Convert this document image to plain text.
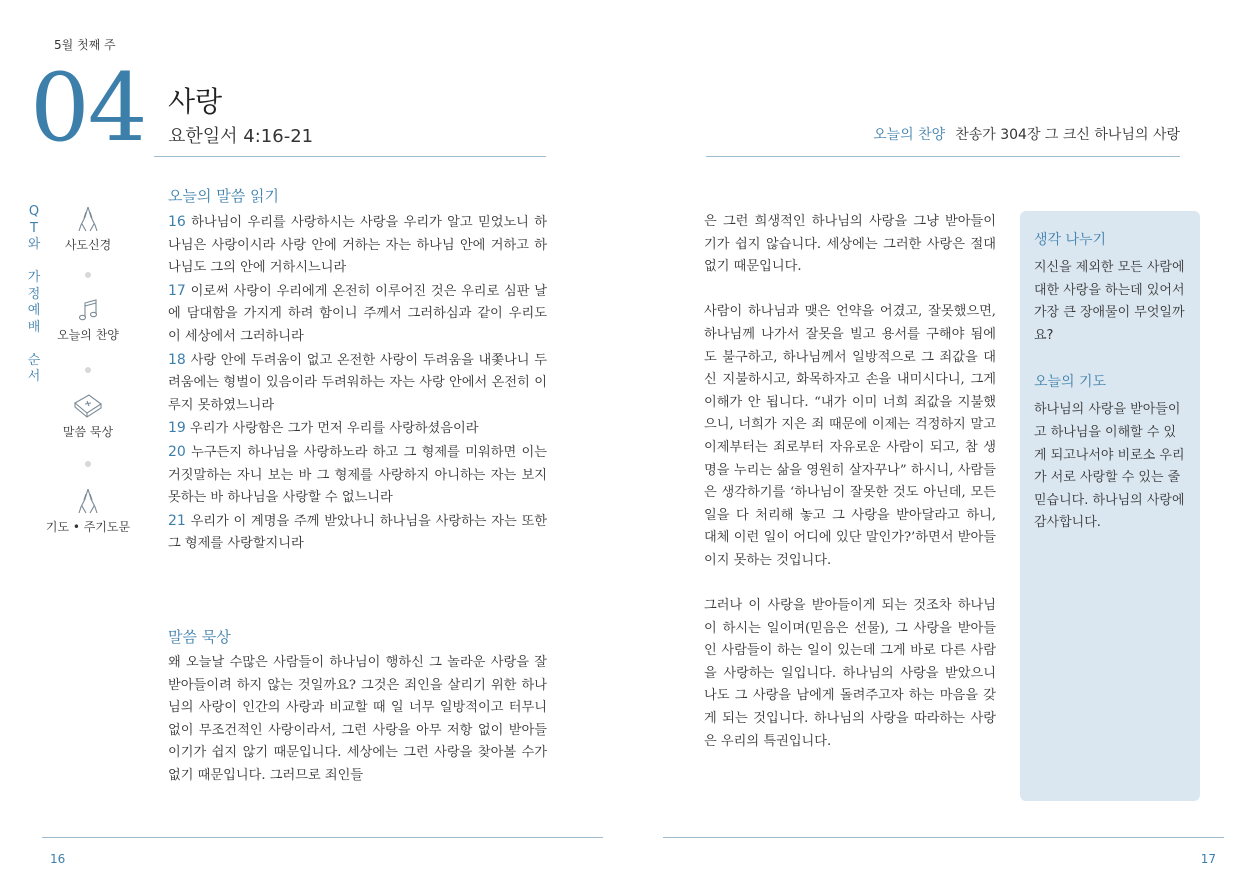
5월 첫째 주
04 사랑
요한일서 4:16-21	오늘의 찬양 찬송가 304장 그 크신 하나님의 사랑
Q
T
와

가
정
예
배

순
서
사도신경
오늘의 찬양
말씀 묵상
기도 • 주기도문
오늘의 말씀 읽기
16 하나님이 우리를 사랑하시는 사랑을 우리가 알고 믿었노니 하나님은 사랑이시라 사랑 안에 거하는 자는 하나님 안에 거하고 하나님도 그의 안에 거하시느니라
17 이로써 사랑이 우리에게 온전히 이루어진 것은 우리로 심판 날에 담대함을 가지게 하려 함이니 주께서 그러하심과 같이 우리도 이 세상에서 그러하니라
18 사랑 안에 두려움이 없고 온전한 사랑이 두려움을 내쫓나니 두려움에는 형벌이 있음이라 두려워하는 자는 사랑 안에서 온전히 이루지 못하였느니라
19 우리가 사랑함은 그가 먼저 우리를 사랑하셨음이라
20 누구든지 하나님을 사랑하노라 하고 그 형제를 미워하면 이는 거짓말하는 자니 보는 바 그 형제를 사랑하지 아니하는 자는 보지 못하는 바 하나님을 사랑할 수 없느니라
21 우리가 이 계명을 주께 받았나니 하나님을 사랑하는 자는 또한 그 형제를 사랑할지니라
말씀 묵상
왜 오늘날 수많은 사람들이 하나님이 행하신 그 놀라운 사랑을 잘 받아들이려 하지 않는 것일까요? 그것은 죄인을 살리기 위한 하나님의 사랑이 인간의 사랑과 비교할 때 일 너무 일방적이고 터무니 없이 무조건적인 사랑이라서, 그런 사랑을 아무 저항 없이 받아들이기가 쉽지 않기 때문입니다. 세상에는 그런 사랑을 찾아볼 수가 없기 때문입니다. 그러므로 죄인들

은 그런 희생적인 하나님의 사랑을 그냥 받아들이기가 쉽지 않습니다. 세상에는 그러한 사랑은 절대 없기 때문입니다.

사람이 하나님과 맺은 언약을 어겼고, 잘못했으면, 하나님께 나가서 잘못을 빌고 용서를 구해야 됨에도 불구하고, 하나님께서 일방적으로 그 죄값을 대신 지불하시고, 화목하자고 손을 내미시다니, 그게 이해가 안 됩니다. “내가 이미 너희 죄값을 지불했으니, 너희가 지은 죄 때문에 이제는 걱정하지 말고 이제부터는 죄로부터 자유로운 사람이 되고, 참 생명을 누리는 삶을 영원히 살자꾸나” 하시니, 사람들은 생각하기를 ‘하나님이 잘못한 것도 아닌데, 모든 일을 다 처리해 놓고 그 사랑을 받아달라고 하니, 대체 이런 일이 어디에 있단 말인가?’하면서 받아들이지 못하는 것입니다.

그러나 이 사랑을 받아들이게 되는 것조차 하나님이 하시는 일이며(믿음은 선물), 그 사랑을 받아들인 사람들이 하는 일이 있는데 그게 바로 다른 사람을 사랑하는 일입니다. 하나님의 사랑을 받았으니 나도 그 사랑을 남에게 돌려주고자 하는 마음을 갖게 되는 것입니다. 하나님의 사랑을 따라하는 사랑은 우리의 특권입니다.

생각 나누기
지신을 제외한 모든 사람에 대한 사랑을 하는데 있어서 가장 큰 장애물이 무엇일까요?
오늘의 기도
하나님의 사랑을 받아들이고 하나님을 이해할 수 있게 되고나서야 비로소 우리가 서로 사랑할 수 있는 줄 믿습니다. 하나님의 사랑에 감사합니다.
16	17
